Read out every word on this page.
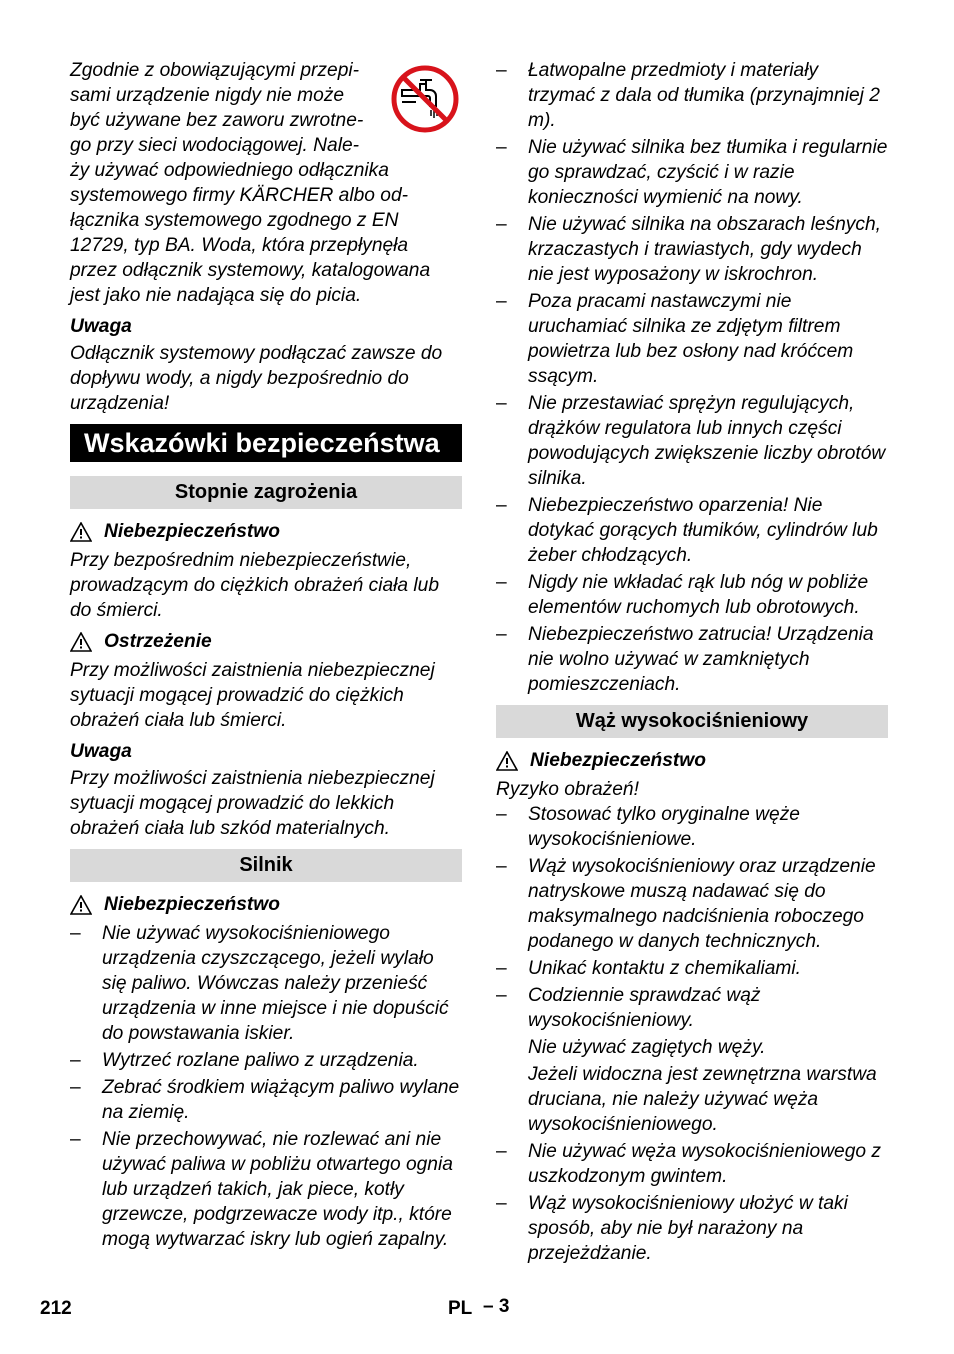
Zgodnie z obowiązującymi przepi-

sami urządzenie nigdy nie może

być używane bez zaworu zwrotne-

go przy sieci wodociągowej. Nale-

ży używać odpowiedniego odłącznika

systemowego firmy KÄRCHER albo od-

łącznika systemowego zgodnego z EN

12729, typ BA. Woda, która przepłynęła

przez odłącznik systemowy, katalogowana

jest jako nie nadająca się do picia.

Uwaga

Odłącznik systemowy podłączać zawsze do dopływu wody, a nigdy bezpośrednio do urządzenia!

Wskazówki bezpieczeństwa
Stopnie zagrożenia
Niebezpieczeństwo

Przy bezpośrednim niebezpieczeństwie, prowadzącym do ciężkich obrażeń ciała lub do śmierci.

Ostrzeżenie

Przy możliwości zaistnienia niebezpiecznej sytuacji mogącej prowadzić do ciężkich obrażeń ciała lub śmierci.

Uwaga

Przy możliwości zaistnienia niebezpiecznej sytuacji mogącej prowadzić do lekkich obrażeń ciała lub szkód materialnych.

Silnik
Niebezpieczeństwo
–	Nie używać wysokociśnieniowego urządzenia czyszczącego, jeżeli wylało się paliwo. Wówczas należy przenieść urządzenia w inne miejsce i nie dopuścić do powstawania iskier.
–	Wytrzeć rozlane paliwo z urządzenia.
–	Zebrać środkiem wiążącym paliwo wylane na ziemię.
–	Nie przechowywać, nie rozlewać ani nie używać paliwa w pobliżu otwartego ognia lub urządzeń takich, jak piece, kotły grzewcze, podgrzewacze wody itp., które mogą wytwarzać iskry lub ogień zapalny.
–	Łatwopalne przedmioty i materiały trzymać z dala od tłumika (przynajmniej 2 m).
–	Nie używać silnika bez tłumika i regularnie go sprawdzać, czyścić i w razie konieczności wymienić na nowy.
–	Nie używać silnika na obszarach leśnych, krzaczastych i trawiastych, gdy wydech nie jest wyposażony w iskrochron.
–	Poza pracami nastawczymi nie uruchamiać silnika ze zdjętym filtrem powietrza lub bez osłony nad króćcem ssącym.
–	Nie przestawiać sprężyn regulujących, drążków regulatora lub innych części powodujących zwiększenie liczby obrotów silnika.
–	Niebezpieczeństwo oparzenia! Nie dotykać gorących tłumików, cylindrów lub żeber chłodzących.
–	Nigdy nie wkładać rąk lub nóg w pobliże elementów ruchomych lub obrotowych.
–	Niebezpieczeństwo zatrucia! Urządzenia nie wolno używać w zamkniętych pomieszczeniach.
Wąż wysokociśnieniowy
Niebezpieczeństwo

Ryzyko obrażeń!

–	Stosować tylko oryginalne węże wysokociśnieniowe.
–	Wąż wysokociśnieniowy oraz urządzenie natryskowe muszą nadawać się do maksymalnego nadciśnienia roboczego podanego w danych technicznych.
–	Unikać kontaktu z chemikaliami.
–	Codziennie sprawdzać wąż wysokociśnieniowy.

Nie używać zagiętych węży.

Jeżeli widoczna jest zewnętrzna warstwa druciana, nie należy używać węża wysokociśnieniowego.

–	Nie używać węża wysokociśnieniowego z uszkodzonym gwintem.
–	Wąż wysokociśnieniowy ułożyć w taki sposób, aby nie był narażony na przejeżdżanie.
212	PL – 3
